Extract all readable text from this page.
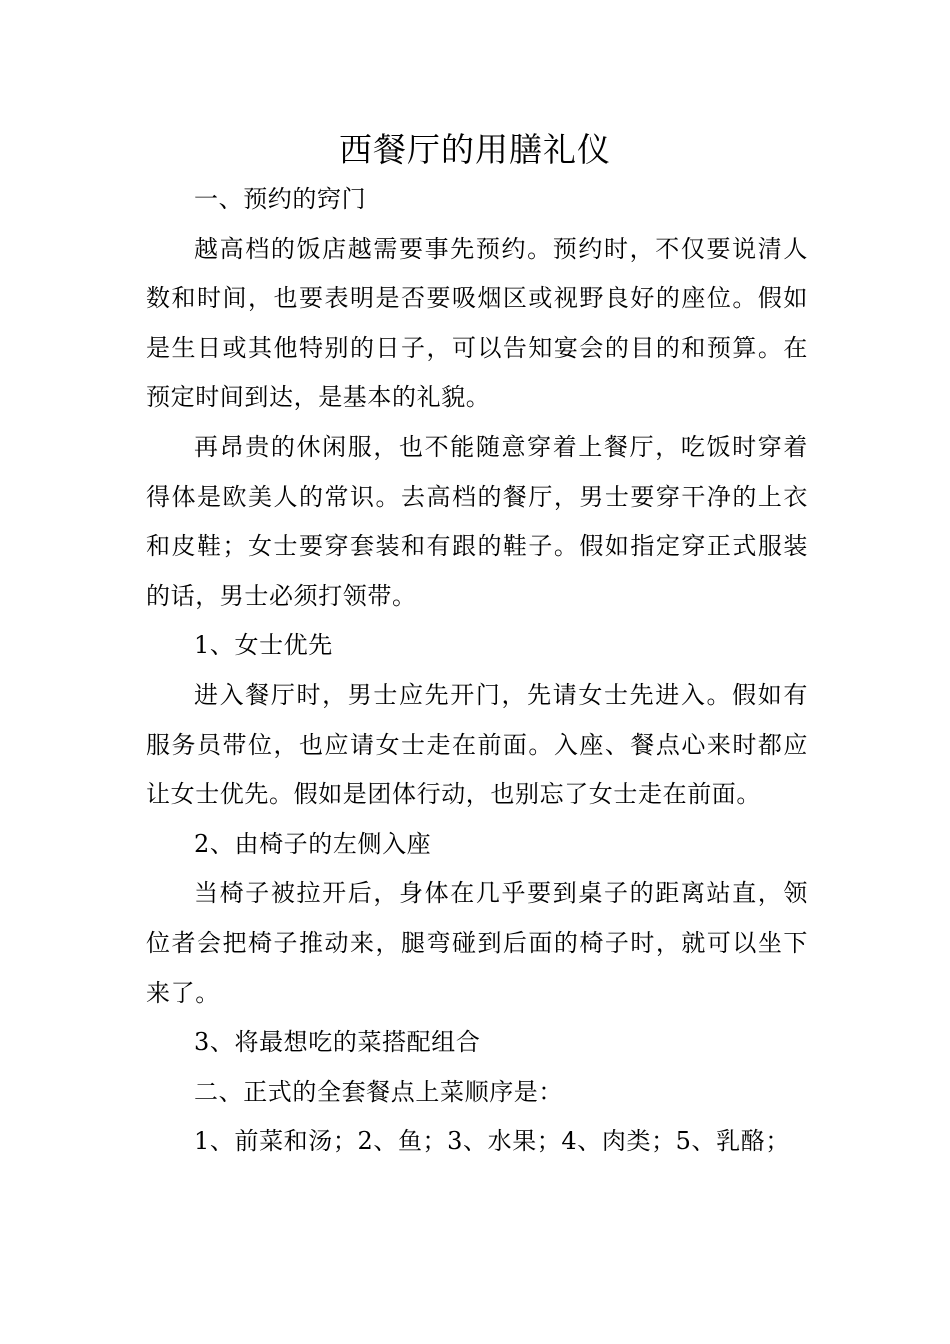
西餐厅的用膳礼仪

一、预约的窍门

越高档的饭店越需要事先预约。预约时，不仅要说清人数和时间，也要表明是否要吸烟区或视野良好的座位。假如是生日或其他特别的日子，可以告知宴会的目的和预算。在预定时间到达，是基本的礼貌。

再昂贵的休闲服，也不能随意穿着上餐厅，吃饭时穿着得体是欧美人的常识。去高档的餐厅，男士要穿干净的上衣和皮鞋；女士要穿套装和有跟的鞋子。假如指定穿正式服装的话，男士必须打领带。

1、女士优先

进入餐厅时，男士应先开门，先请女士先进入。假如有服务员带位，也应请女士走在前面。入座、餐点心来时都应让女士优先。假如是团体行动，也别忘了女士走在前面。

2、由椅子的左侧入座

当椅子被拉开后，身体在几乎要到桌子的距离站直，领位者会把椅子推动来，腿弯碰到后面的椅子时，就可以坐下来了。

3、将最想吃的菜搭配组合

二、正式的全套餐点上菜顺序是：

1、前菜和汤；2、鱼；3、水果；4、肉类；5、乳酪；
